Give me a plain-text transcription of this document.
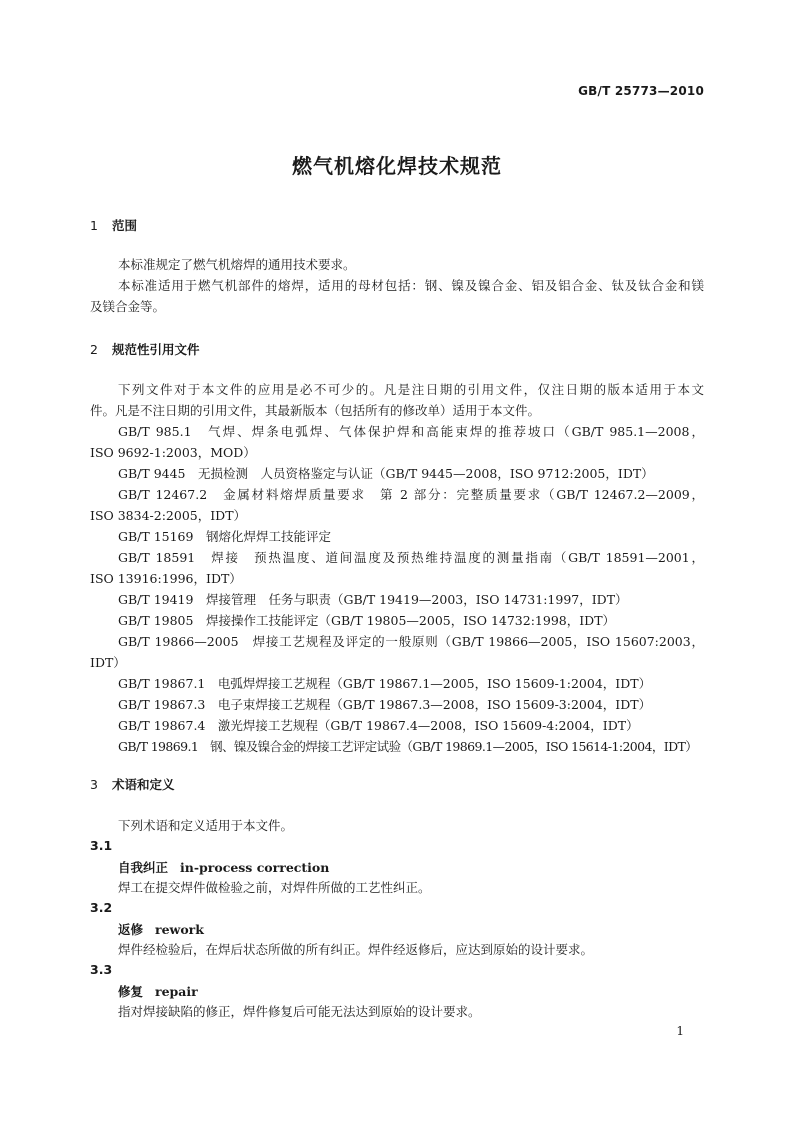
GB/T 25773—2010
燃气机熔化焊技术规范
1 范围
本标准规定了燃气机熔焊的通用技术要求。
本标准适用于燃气机部件的熔焊，适用的母材包括：钢、镍及镍合金、铝及铝合金、钛及钛合金和镁
及镁合金等。
2 规范性引用文件
下列文件对于本文件的应用是必不可少的。凡是注日期的引用文件，仅注日期的版本适用于本文
件。凡是不注日期的引用文件，其最新版本（包括所有的修改单）适用于本文件。
GB/T 985.1　气焊、焊条电弧焊、气体保护焊和高能束焊的推荐坡口（GB/T 985.1—2008，
ISO 9692-1:2003，MOD）
GB/T 9445　无损检测　人员资格鉴定与认证（GB/T 9445—2008，ISO 9712:2005，IDT）
GB/T 12467.2　金属材料熔焊质量要求　第 2 部分：完整质量要求（GB/T 12467.2—2009，
ISO 3834-2:2005，IDT）
GB/T 15169　钢熔化焊焊工技能评定
GB/T 18591　焊接　预热温度、道间温度及预热维持温度的测量指南（GB/T 18591—2001，
ISO 13916:1996，IDT）
GB/T 19419　焊接管理　任务与职责（GB/T 19419—2003，ISO 14731:1997，IDT）
GB/T 19805　焊接操作工技能评定（GB/T 19805—2005，ISO 14732:1998，IDT）
GB/T 19866—2005　焊接工艺规程及评定的一般原则（GB/T 19866—2005，ISO 15607:2003，
IDT）
GB/T 19867.1　电弧焊焊接工艺规程（GB/T 19867.1—2005，ISO 15609-1:2004，IDT）
GB/T 19867.3　电子束焊接工艺规程（GB/T 19867.3—2008，ISO 15609-3:2004，IDT）
GB/T 19867.4　激光焊接工艺规程（GB/T 19867.4—2008，ISO 15609-4:2004，IDT）
GB/T 19869.1　钢、镍及镍合金的焊接工艺评定试验（GB/T 19869.1—2005，ISO 15614-1:2004，IDT）
3 术语和定义
下列术语和定义适用于本文件。
3.1
自我纠正 in-process correction
焊工在提交焊件做检验之前，对焊件所做的工艺性纠正。
3.2
返修 rework
焊件经检验后，在焊后状态所做的所有纠正。焊件经返修后，应达到原始的设计要求。
3.3
修复 repair
指对焊接缺陷的修正，焊件修复后可能无法达到原始的设计要求。
1
